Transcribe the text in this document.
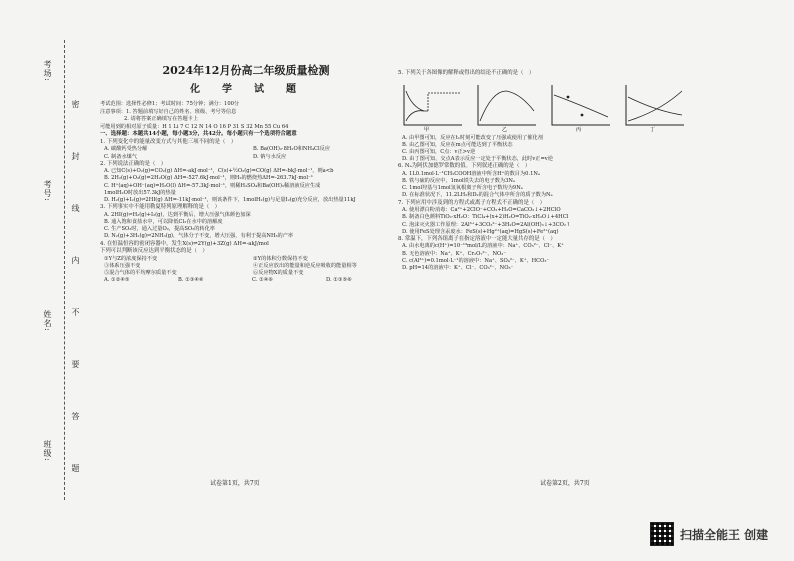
考场:
考号:
姓名:
班级: 密　封　线　内　不　要　答　题
2024年12月份高二年级质量检测
化　学　试　题
考试范围：选择性必修1；考试时间：75分钟；满分：100分
注意事项：1. 答题前填写好自己的姓名、班级、考号等信息
2. 请将答案正确填写在答题卡上
可能用到的相对原子质量：H 1 Li 7 C 12 N 14 O 16 P 31 S 32 Mn 55 Cu 64
一、选择题：本题共14小题，每小题3分，共42分。每小题只有一个选项符合题意
1. 下列变化中的能量改变方式与其他三项不同的是（　）
A. 碳酸钙受热分解	B. Ba(OH)₂·8H₂O和NH₄Cl反应
C. 制备水煤气	D. 钠与水反应
2. 下列说法正确的是（　）
A. 已知C(s)+O₂(g)=CO₂(g) ΔH=-akJ·mol⁻¹，C(s)+½O₂(g)=CO(g) ΔH=-bkJ·mol⁻¹，则a<b
B. 2H₂(g)+O₂(g)=2H₂O(g) ΔH=-527.6kJ·mol⁻¹，则H₂的燃烧热ΔH=-263.7kJ·mol⁻¹
C. H⁺(aq)+OH⁻(aq)=H₂O(l) ΔH=-57.3kJ·mol⁻¹，则稀H₂SO₄和Ba(OH)₂稀溶液反应生成
1molH₂O时放出57.3kJ的热量
D. H₂(g)+I₂(g)⇌2HI(g) ΔH=-11kJ·mol⁻¹，则该条件下，1molH₂(g)与足量I₂(g)充分反应，放出热量11kJ
3. 下列事实中不能用勒夏特列原理解释的是（　）
A. 2HI(g)⇌H₂(g)+I₂(g)，达到平衡后，增大压强气体颜色加深
B. 通入饱和食盐水中，可以降低Cl₂在水中的溶解度
C. 生产SO₃时，通入过量O₂，提高SO₂的转化率
D. N₂(g)+3H₂(g)⇌2NH₃(g)，气体分子不变，增大压强，有利于提高NH₃的产率
4. 在恒温恒容的密闭容器中，发生X(s)⇌2Y(g)+3Z(g) ΔH=-akJ/mol
下列可以判断该反应达到平衡状态的是（　）
①Y与Z的浓度保持不变	②Y的体积分数保持不变
③体系压强不变	④正反应放出的能量和逆反应吸收的能量相等
⑤混合气体的平均摩尔质量不变	⑥反应物X的质量不变
A. ①②④⑤	B. ①③④⑥	C. ①④⑥	D. ①③⑤⑥
试卷第1页，共7页
5. 下列关于各图像的解释或得出的结论不正确的是（　）
甲	乙	丙	丁
A. 由甲图可知，反应在t₁时刻可能改变了压强或使用了催化剂
B. 由乙图可知，反应在m点可能达到了平衡状态
C. 由丙图可知，C点：v正>v逆
D. 由丁图可知，交点A表示反应一定处于平衡状态，此时v正=v逆
6. Nₐ为阿伏加德罗常数的值。下列叙述正确的是（　）
A. 1L0.1mol·L⁻¹CH₃COOH溶液中所含H⁺的数目为0.1Nₐ
B. 铁与硫的反应中，1mol铁失去的电子数为3Nₐ
C. 1mol羟基与1mol氢氧根离子所含电子数均为9Nₐ
D. 在标准状况下，11.2LH₂和D₂的混合气体中所含的质子数为Nₐ
7. 下列应用中涉及到的方程式或离子方程式不正确的是（　）
A. 使用漂白粉消毒：Ca²⁺+2ClO⁻+CO₂+H₂O=CaCO₃↓+2HClO
B. 制备白色颜料TiO₂·xH₂O：TiCl₄+(x+2)H₂O=TiO₂·xH₂O↓+4HCl
C. 泡沫灭火器工作原理：2Al³⁺+3CO₃²⁻+3H₂O=2Al(OH)₃↓+3CO₂↑
D. 使用FeS处理含汞废水：FeS(s)+Hg²⁺(aq)=HgS(s)+Fe²⁺(aq)
8. 常温下，下列各组离子在指定溶液中一定能大量共存的是（　）
A. 由水电离的c(H⁺)=10⁻¹³mol/L的溶液中：Na⁺、CO₃²⁻、Cl⁻、K⁺
B. 无色溶液中：Na⁺、K⁺、Cr₂O₇²⁻、NO₃⁻
C. c(Al³⁺)=0.1mol·L⁻¹的溶液中：Na⁺、SO₄²⁻、K⁺、HCO₃⁻
D. pH=14的溶液中：K⁺、Cl⁻、CO₃²⁻、NO₃⁻
试卷第2页，共7页
扫描全能王 创建
